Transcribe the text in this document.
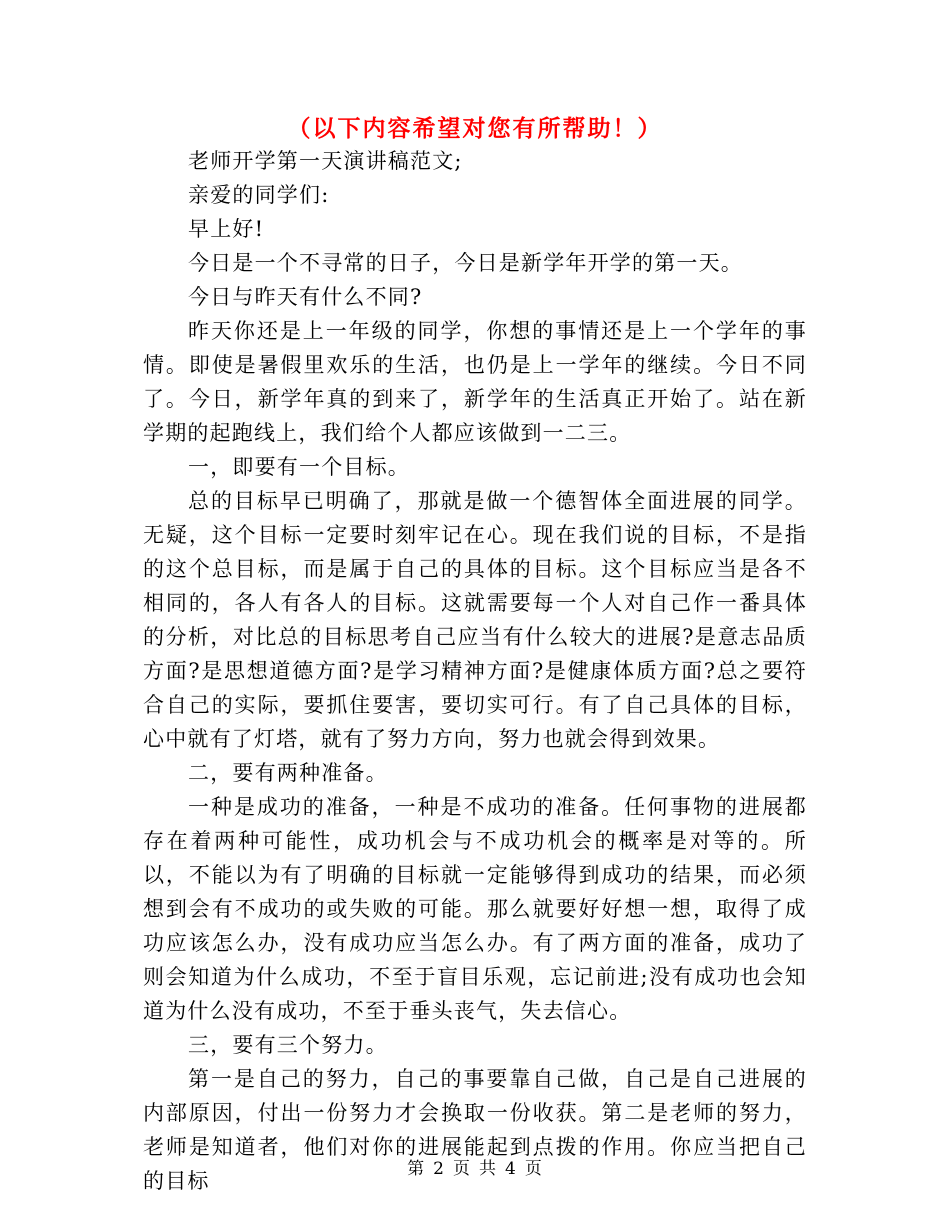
（以下内容希望对您有所帮助！）

老师开学第一天演讲稿范文;

亲爱的同学们:

早上好!

今日是一个不寻常的日子，今日是新学年开学的第一天。

今日与昨天有什么不同?

昨天你还是上一年级的同学，你想的事情还是上一个学年的事情。即使是暑假里欢乐的生活，也仍是上一学年的继续。今日不同了。今日，新学年真的到来了，新学年的生活真正开始了。站在新学期的起跑线上，我们给个人都应该做到一二三。

一，即要有一个目标。

总的目标早已明确了，那就是做一个德智体全面进展的同学。无疑，这个目标一定要时刻牢记在心。现在我们说的目标，不是指的这个总目标，而是属于自己的具体的目标。这个目标应当是各不相同的，各人有各人的目标。这就需要每一个人对自己作一番具体的分析，对比总的目标思考自己应当有什么较大的进展?是意志品质方面?是思想道德方面?是学习精神方面?是健康体质方面?总之要符合自己的实际，要抓住要害，要切实可行。有了自己具体的目标，心中就有了灯塔，就有了努力方向，努力也就会得到效果。

二，要有两种准备。

一种是成功的准备，一种是不成功的准备。任何事物的进展都存在着两种可能性，成功机会与不成功机会的概率是对等的。所以，不能以为有了明确的目标就一定能够得到成功的结果，而必须想到会有不成功的或失败的可能。那么就要好好想一想，取得了成功应该怎么办，没有成功应当怎么办。有了两方面的准备，成功了则会知道为什么成功，不至于盲目乐观，忘记前进;没有成功也会知道为什么没有成功，不至于垂头丧气，失去信心。

三，要有三个努力。

第一是自己的努力，自己的事要靠自己做，自己是自己进展的内部原因，付出一份努力才会换取一份收获。第二是老师的努力，老师是知道者，他们对你的进展能起到点拨的作用。你应当把自己的目标	第 2 页 共 4 页
